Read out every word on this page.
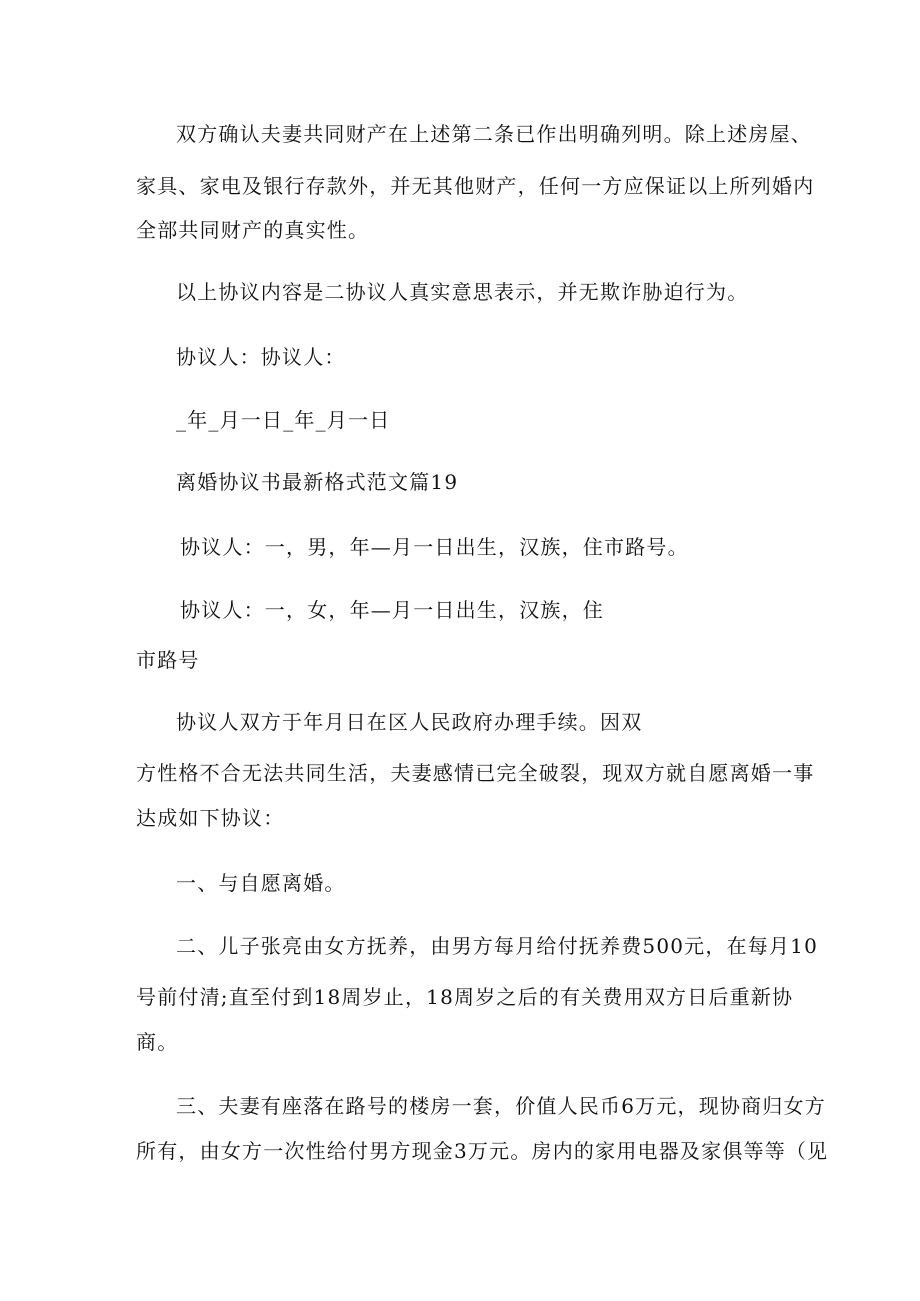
双方确认夫妻共同财产在上述第二条已作出明确列明。除上述房屋、
家具、家电及银行存款外，并无其他财产，任何一方应保证以上所列婚内
全部共同财产的真实性。
以上协议内容是二协议人真实意思表示，并无欺诈胁迫行为。
协议人：协议人：
_年_月一日_年_月一日
离婚协议书最新格式范文篇19
协议人：一，男，年—月一日出生，汉族，住市路号。
协议人：一，女，年—月一日出生，汉族，住
市路号
协议人双方于年月日在区人民政府办理手续。因双
方性格不合无法共同生活，夫妻感情已完全破裂，现双方就自愿离婚一事
达成如下协议：
一、与自愿离婚。
二、儿子张亮由女方抚养，由男方每月给付抚养费500元，在每月10
号前付清;直至付到18周岁止，18周岁之后的有关费用双方日后重新协
商。
三、夫妻有座落在路号的楼房一套，价值人民币6万元，现协商归女方
所有，由女方一次性给付男方现金3万元。房内的家用电器及家俱等等（见
